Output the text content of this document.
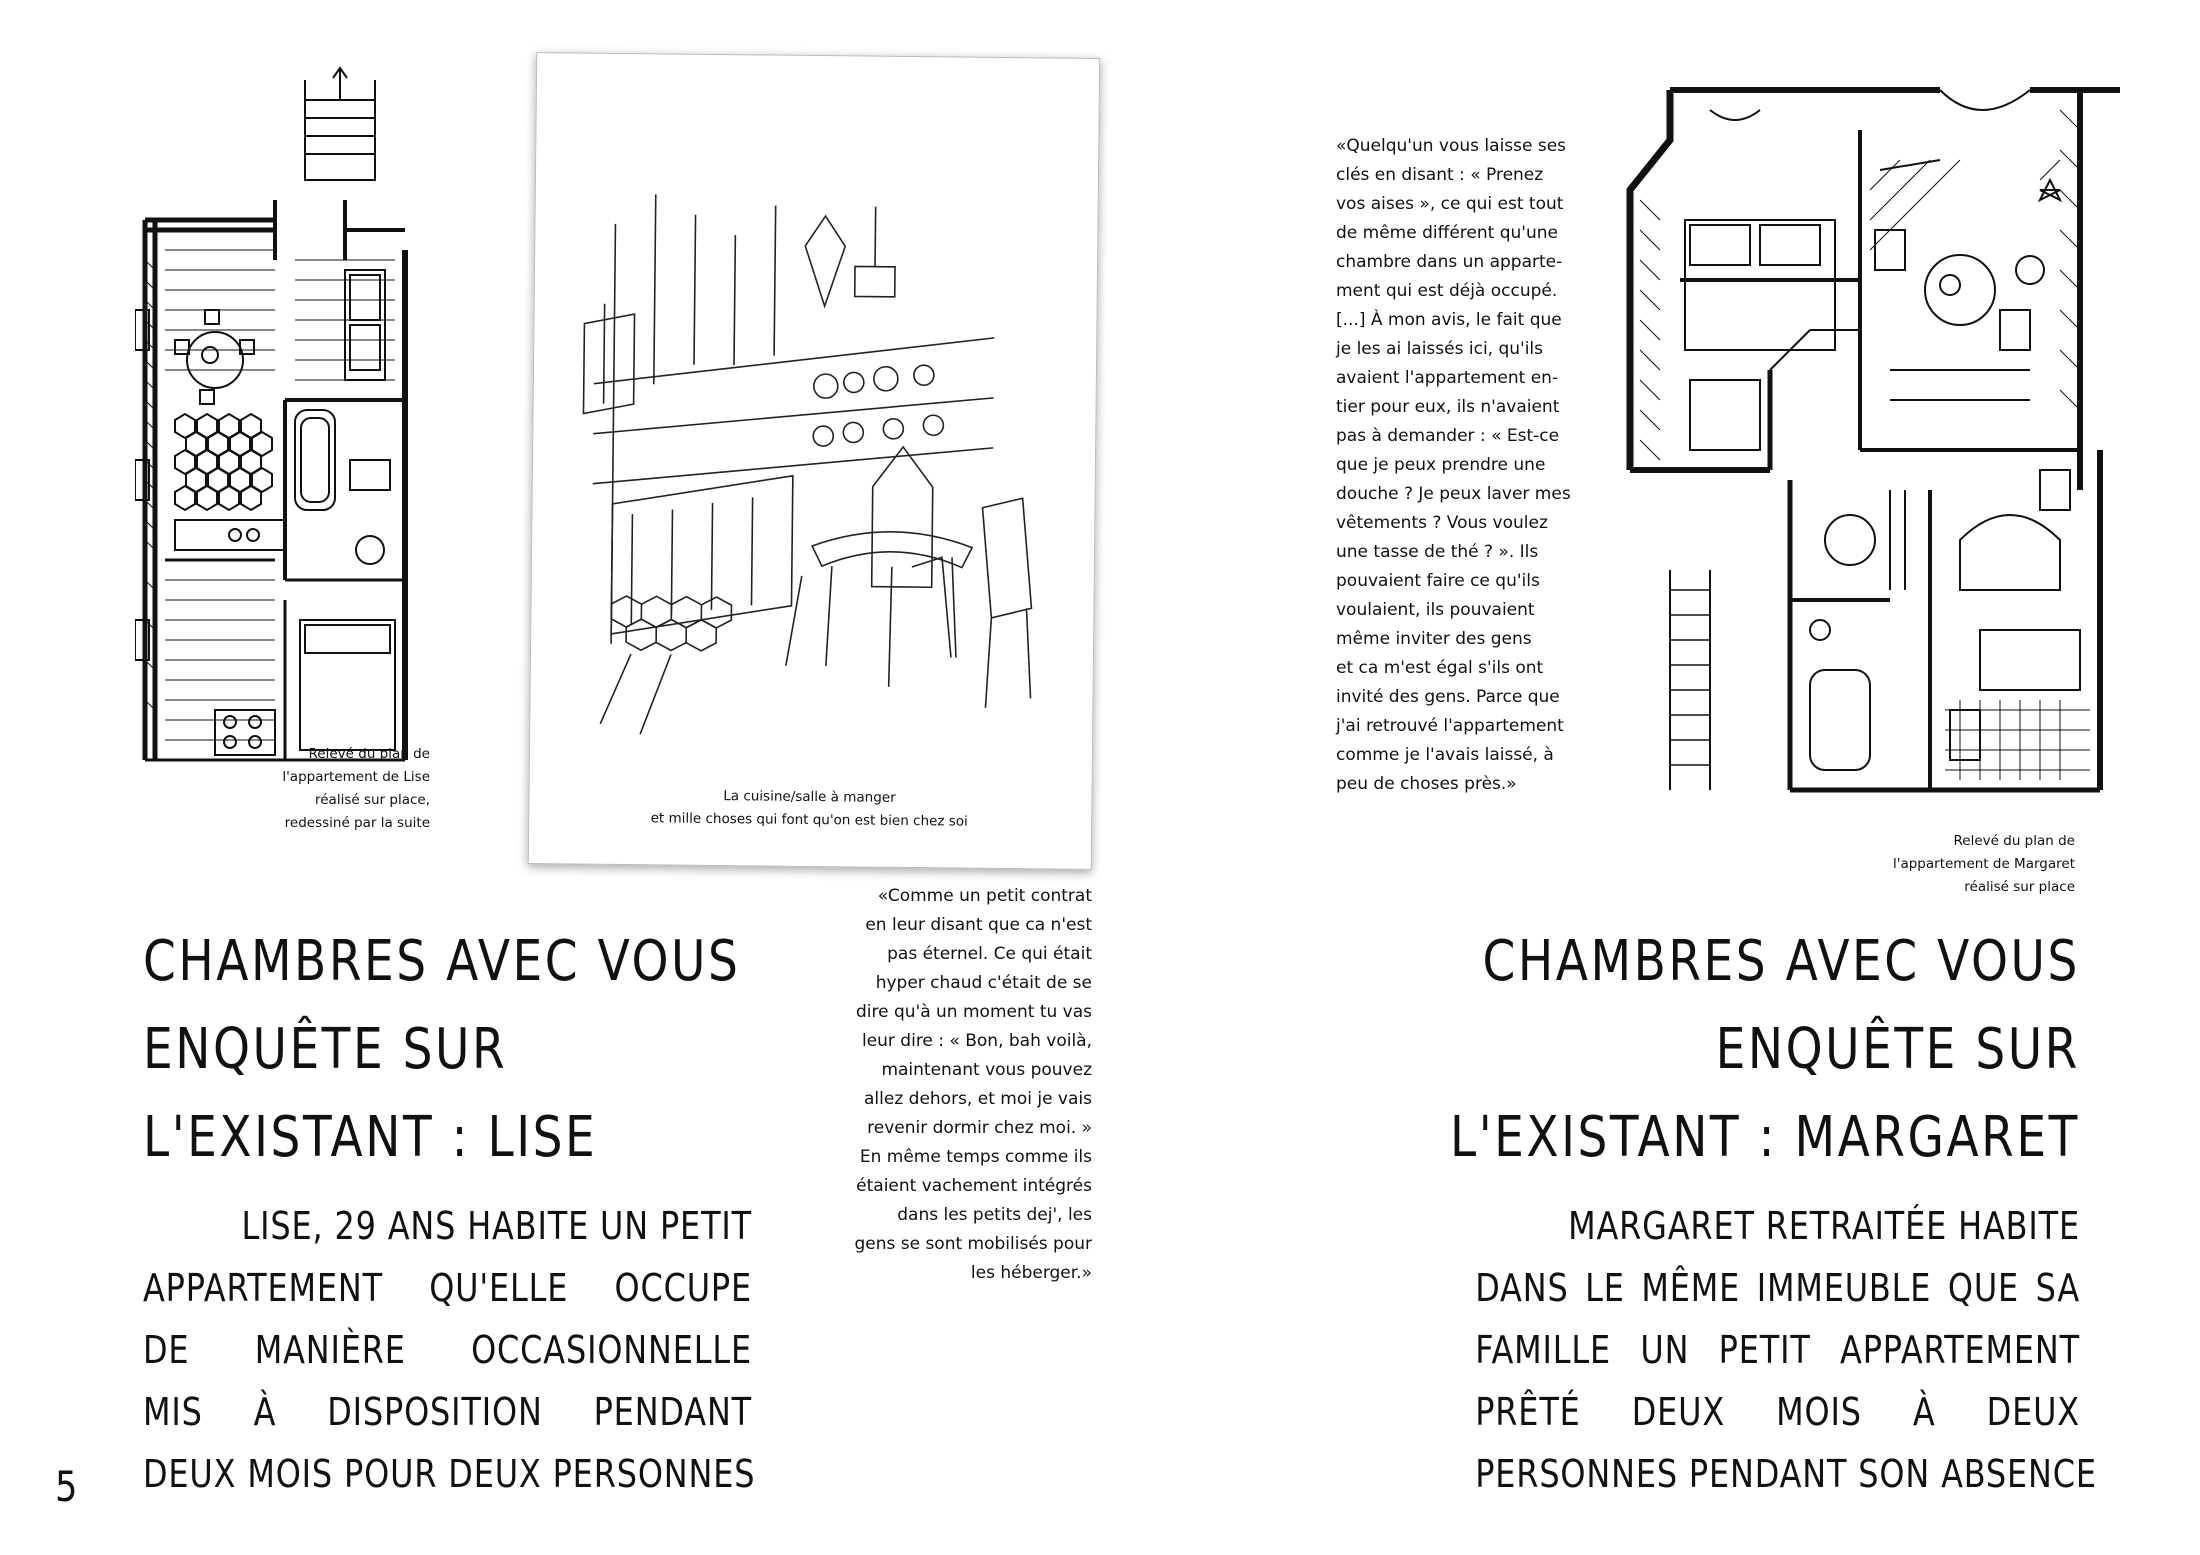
Relevé du plan de
l'appartement de Lise
réalisé sur place,
redessiné par la suite
La cuisine/salle à manger
et mille choses qui font qu'on est bien chez soi
«Comme un petit contrat
en leur disant que ca n'est
pas éternel. Ce qui était
hyper chaud c'était de se
dire qu'à un moment tu vas
leur dire : « Bon, bah voilà,
maintenant vous pouvez
allez dehors, et moi je vais
revenir dormir chez moi. »
En même temps comme ils
étaient vachement intégrés
dans les petits dej', les
gens se sont mobilisés pour
les héberger.»
CHAMBRES AVEC VOUS
ENQUÊTE SUR
L'EXISTANT : LISE
LISE, 29 ANS HABITE UN PETIT
APPARTEMENT QU'ELLE OCCUPE
DE MANIÈRE OCCASIONNELLE
MIS À DISPOSITION PENDANT
DEUX MOIS POUR DEUX PERSONNES
5
«Quelqu'un vous laisse ses
clés en disant : « Prenez
vos aises », ce qui est tout
de même différent qu'une
chambre dans un apparte-
ment qui est déjà occupé.
[...] À mon avis, le fait que
je les ai laissés ici, qu'ils
avaient l'appartement en-
tier pour eux, ils n'avaient
pas à demander : « Est-ce
que je peux prendre une
douche ? Je peux laver mes
vêtements ? Vous voulez
une tasse de thé ? ». Ils
pouvaient faire ce qu'ils
voulaient, ils pouvaient
même inviter des gens
et ca m'est égal s'ils ont
invité des gens. Parce que
j'ai retrouvé l'appartement
comme je l'avais laissé, à
peu de choses près.»
Relevé du plan de
l'appartement de Margaret
réalisé sur place
CHAMBRES AVEC VOUS
ENQUÊTE SUR
L'EXISTANT : MARGARET
MARGARET RETRAITÉE HABITE
DANS LE MÊME IMMEUBLE QUE SA
FAMILLE UN PETIT APPARTEMENT
PRÊTÉ DEUX MOIS À DEUX
PERSONNES PENDANT SON ABSENCE
